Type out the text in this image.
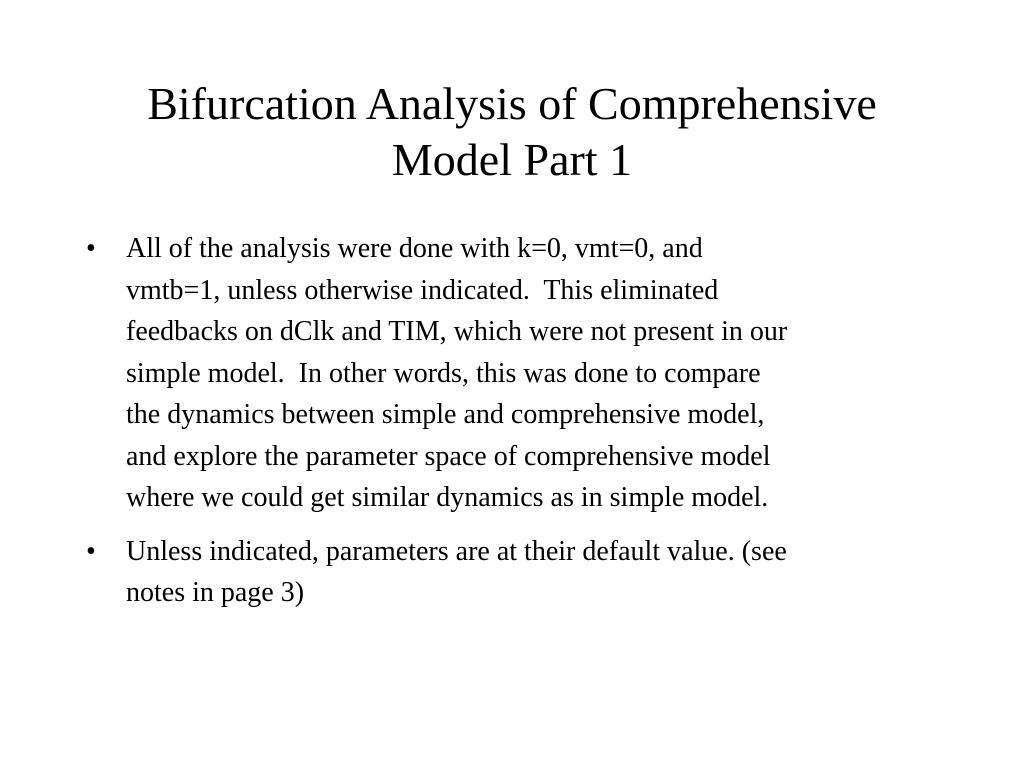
Bifurcation Analysis of Comprehensive
Model Part 1
•	All of the analysis were done with k=0, vmt=0, and
vmtb=1, unless otherwise indicated.  This eliminated
feedbacks on dClk and TIM, which were not present in our
simple model.  In other words, this was done to compare
the dynamics between simple and comprehensive model,
and explore the parameter space of comprehensive model
where we could get similar dynamics as in simple model.
•	Unless indicated, parameters are at their default value. (see
notes in page 3)
